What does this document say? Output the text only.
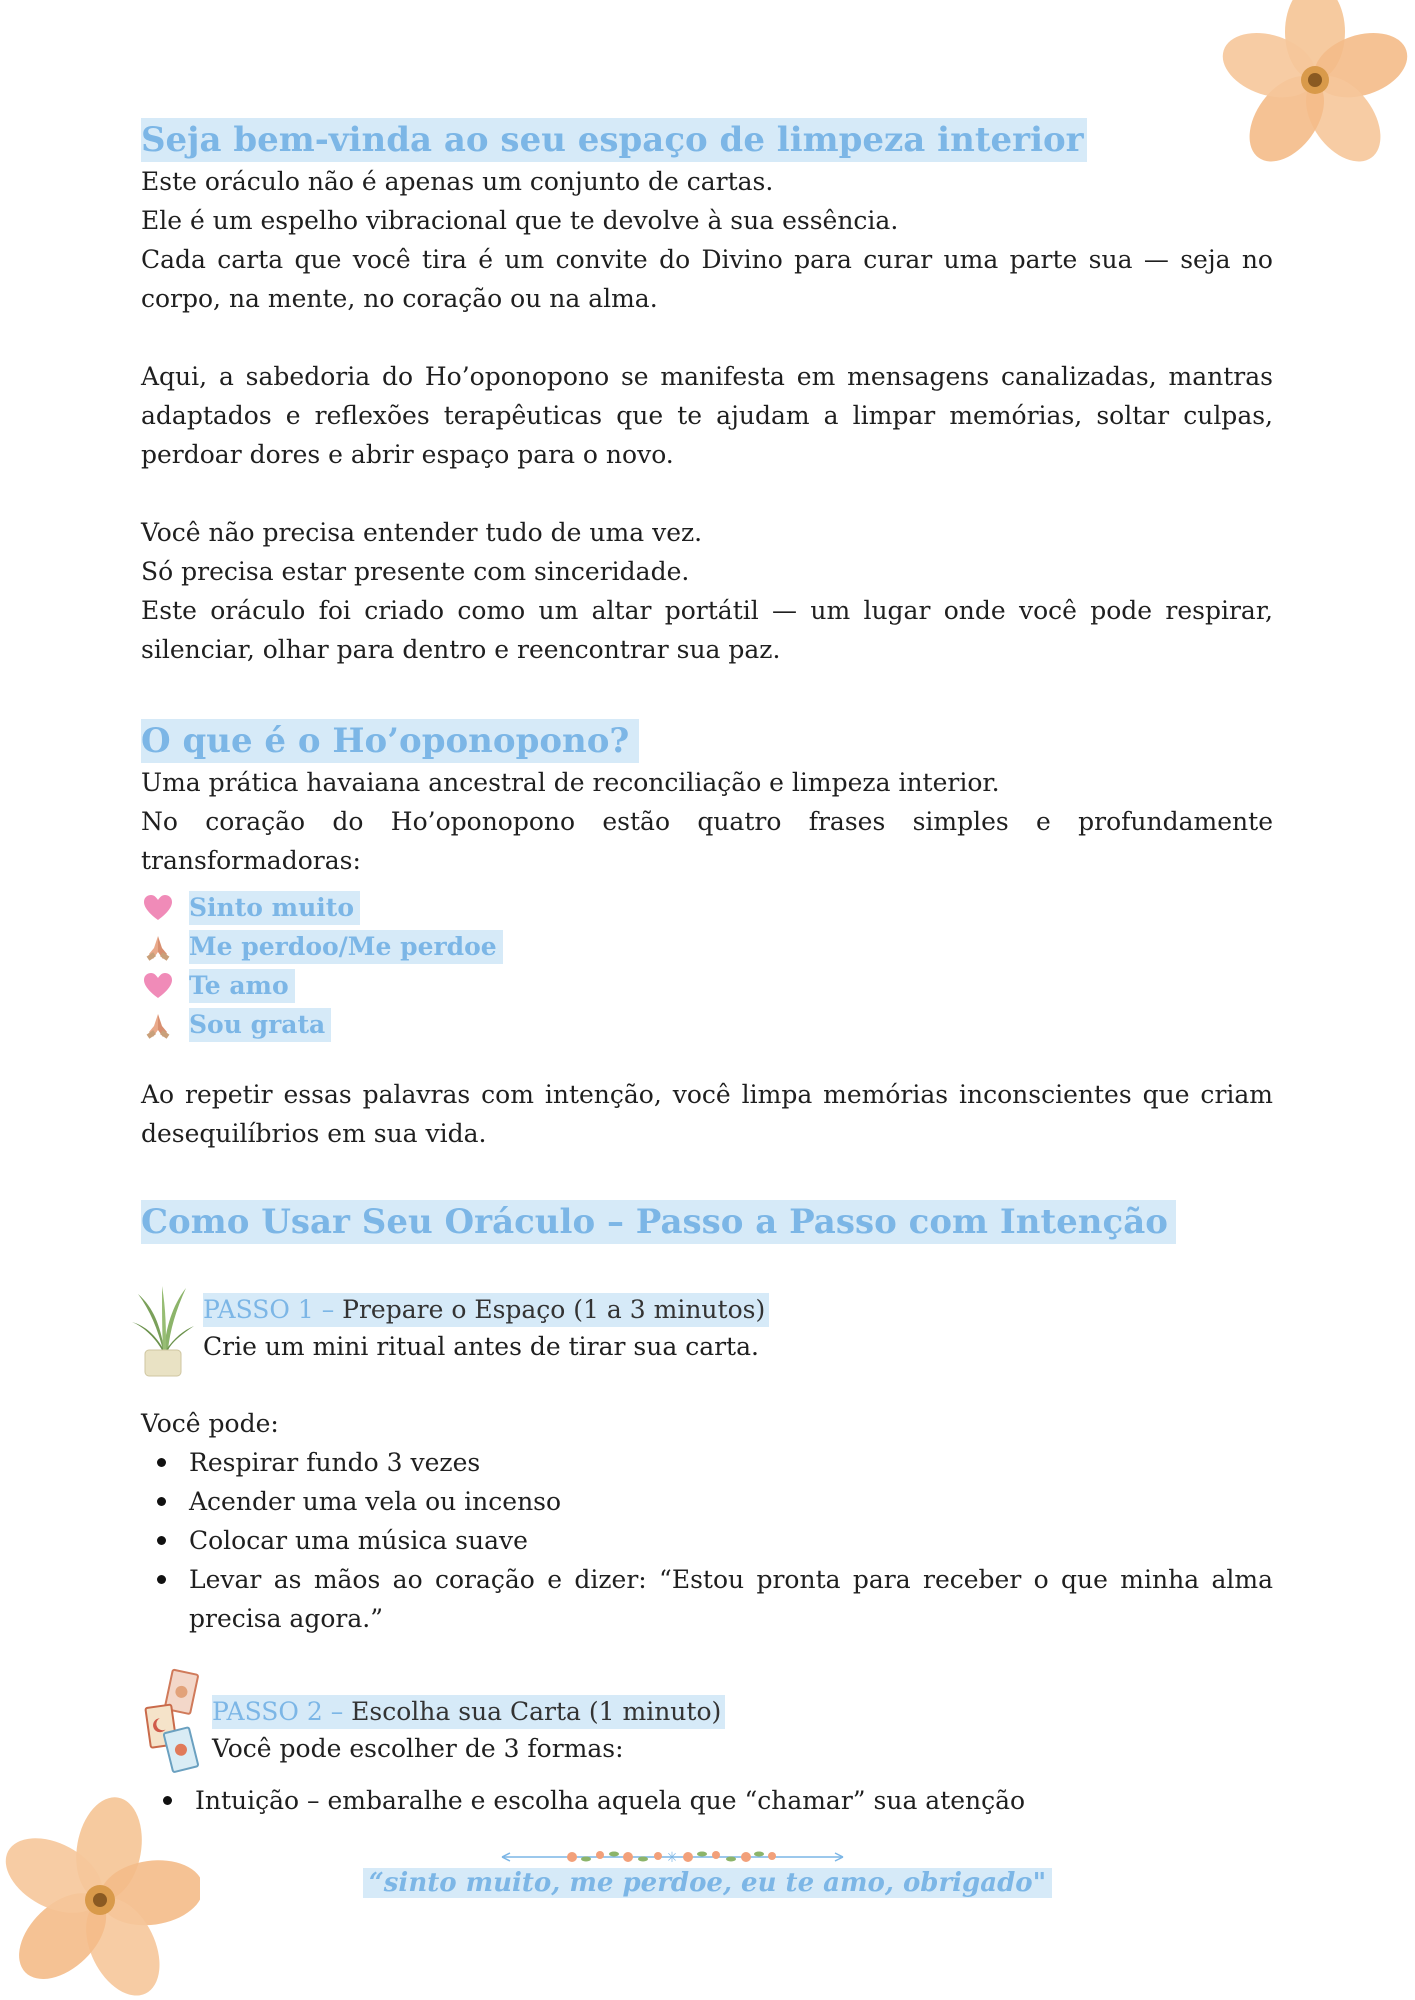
Seja bem-vinda ao seu espaço de limpeza interior

Este oráculo não é apenas um conjunto de cartas.

Ele é um espelho vibracional que te devolve à sua essência.

Cada carta que você tira é um convite do Divino para curar uma parte sua — seja no corpo, na mente, no coração ou na alma.

Aqui, a sabedoria do Ho’oponopono se manifesta em mensagens canalizadas, mantras adaptados e reflexões terapêuticas que te ajudam a limpar memórias, soltar culpas, perdoar dores e abrir espaço para o novo.

Você não precisa entender tudo de uma vez.

Só precisa estar presente com sinceridade.

Este oráculo foi criado como um altar portátil — um lugar onde você pode respirar, silenciar, olhar para dentro e reencontrar sua paz.

O que é o Ho’oponopono?

Uma prática havaiana ancestral de reconciliação e limpeza interior.

No coração do Ho’oponopono estão quatro frases simples e profundamente transformadoras:

Sinto muito
Me perdoo/Me perdoe
Te amo
Sou grata

Ao repetir essas palavras com intenção, você limpa memórias inconscientes que criam desequilíbrios em sua vida.

Como Usar Seu Oráculo – Passo a Passo com Intenção
PASSO 1 – Prepare o Espaço (1 a 3 minutos)

Crie um mini ritual antes de tirar sua carta.

Você pode:

Respirar fundo 3 vezes
Acender uma vela ou incenso
Colocar uma música suave
Levar as mãos ao coração e dizer: “Estou pronta para receber o que minha alma precisa agora.”
PASSO 2 – Escolha sua Carta (1 minuto)

Você pode escolher de 3 formas:

Intuição – embaralhe e escolha aquela que “chamar” sua atenção
✳
“sinto muito, me perdoe, eu te amo, obrigado"
